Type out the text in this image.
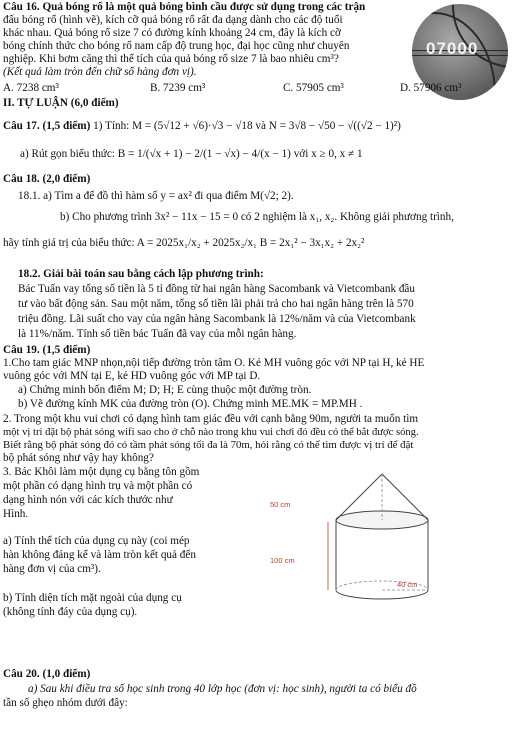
07000
Câu 16. Quả bóng rổ là một quả bóng bình cầu được sử dụng trong các trận
đấu bóng rổ (hình vẽ), kích cỡ quả bóng rổ rất đa dạng dành cho các độ tuổi
khác nhau. Quả bóng rổ size 7 có đường kính khoảng 24 cm, đây là kích cỡ
bóng chính thức cho bóng rổ nam cấp độ trung học, đại học cũng như chuyên
nghiệp. Khi bơm căng thì thể tích của quả bóng rổ size 7 là bao nhiêu cm³?
(Kết quả làm tròn đến chữ số hàng đơn vị).
A. 7238 cm³	B. 7239 cm³	C. 57905 cm³	D. 57906 cm³
II. TỰ LUẬN (6,0 điểm)
Câu 17. (1,5 điểm) 1) Tính: M = (5√12 + √6)·√3 − √18 và N = 3√8 − √50 − √((√2 − 1)²)
a) Rút gọn biểu thức: B = 1/(√x + 1) − 2/(1 − √x) − 4/(x − 1) với x ≥ 0, x ≠ 1
Câu 18. (2,0 điểm)
18.1. a) Tìm a để đồ thì hàm số y = ax² đi qua điểm M(√2; 2).
b) Cho phương trình 3x² − 11x − 15 = 0 có 2 nghiệm là x₁, x₂. Không giải phương trình,
hãy tính giá trị của biểu thức: A = 2025x₁/x₂ + 2025x₂/x₁ B = 2x₁² − 3x₁x₂ + 2x₂²
18.2. Giải bài toán sau bằng cách lập phương trình:
Bác Tuấn vay tổng số tiền là 5 tỉ đồng từ hai ngân hàng Sacombank và Vietcombank đầu
tư vào bất động sản. Sau một năm, tổng số tiền lãi phải trả cho hai ngân hàng trên là 570
triệu đồng. Lãi suất cho vay của ngân hàng Sacombank là 12%/năm và của Vietcombank
là 11%/năm. Tính số tiền bác Tuấn đã vay của mỗi ngân hàng.
Câu 19. (1,5 điểm)
1.Cho tam giác MNP nhọn,nội tiếp đường tròn tâm O. Kẻ MH vuông góc với NP tại H, kẻ HE
vuông góc với MN tại E, kẻ HD vuông góc với MP tại D.
a) Chứng minh bốn điểm M; D; H; E cùng thuộc một đường tròn.
b) Vẽ đường kính MK của đường tròn (O). Chứng minh ME.MK = MP.MH .
2. Trong một khu vui chơi có dạng hình tam giác đều với cạnh bằng 90m, người ta muốn tìm
một vị trí đặt bộ phát sóng wifi sao cho ở chỗ nào trong khu vui chơi đó đều có thể bắt được sóng.
Biết rằng bộ phát sóng đó có tầm phát sóng tối đa là 70m, hỏi rằng có thể tìm được vị trí để đặt
bộ phát sóng như vậy hay không?
3. Bác Khôi làm một dụng cụ bằng tôn gồm
một phần có dạng hình trụ và một phần có
dạng hình nón với các kích thước như
Hình.
a) Tính thể tích của dụng cụ này (coi mép
hàn không đáng kể và làm tròn kết quả đến
hàng đơn vị của cm³).
b) Tính diện tích mặt ngoài của dụng cụ
(không tính đáy của dụng cụ).
50 cm
100 cm
40 cm
Câu 20. (1,0 điểm)
a) Sau khi điều tra số học sinh trong 40 lớp học (đơn vị: học sinh), người ta có biểu đồ
tần số ghẹo nhóm dưới đây:
